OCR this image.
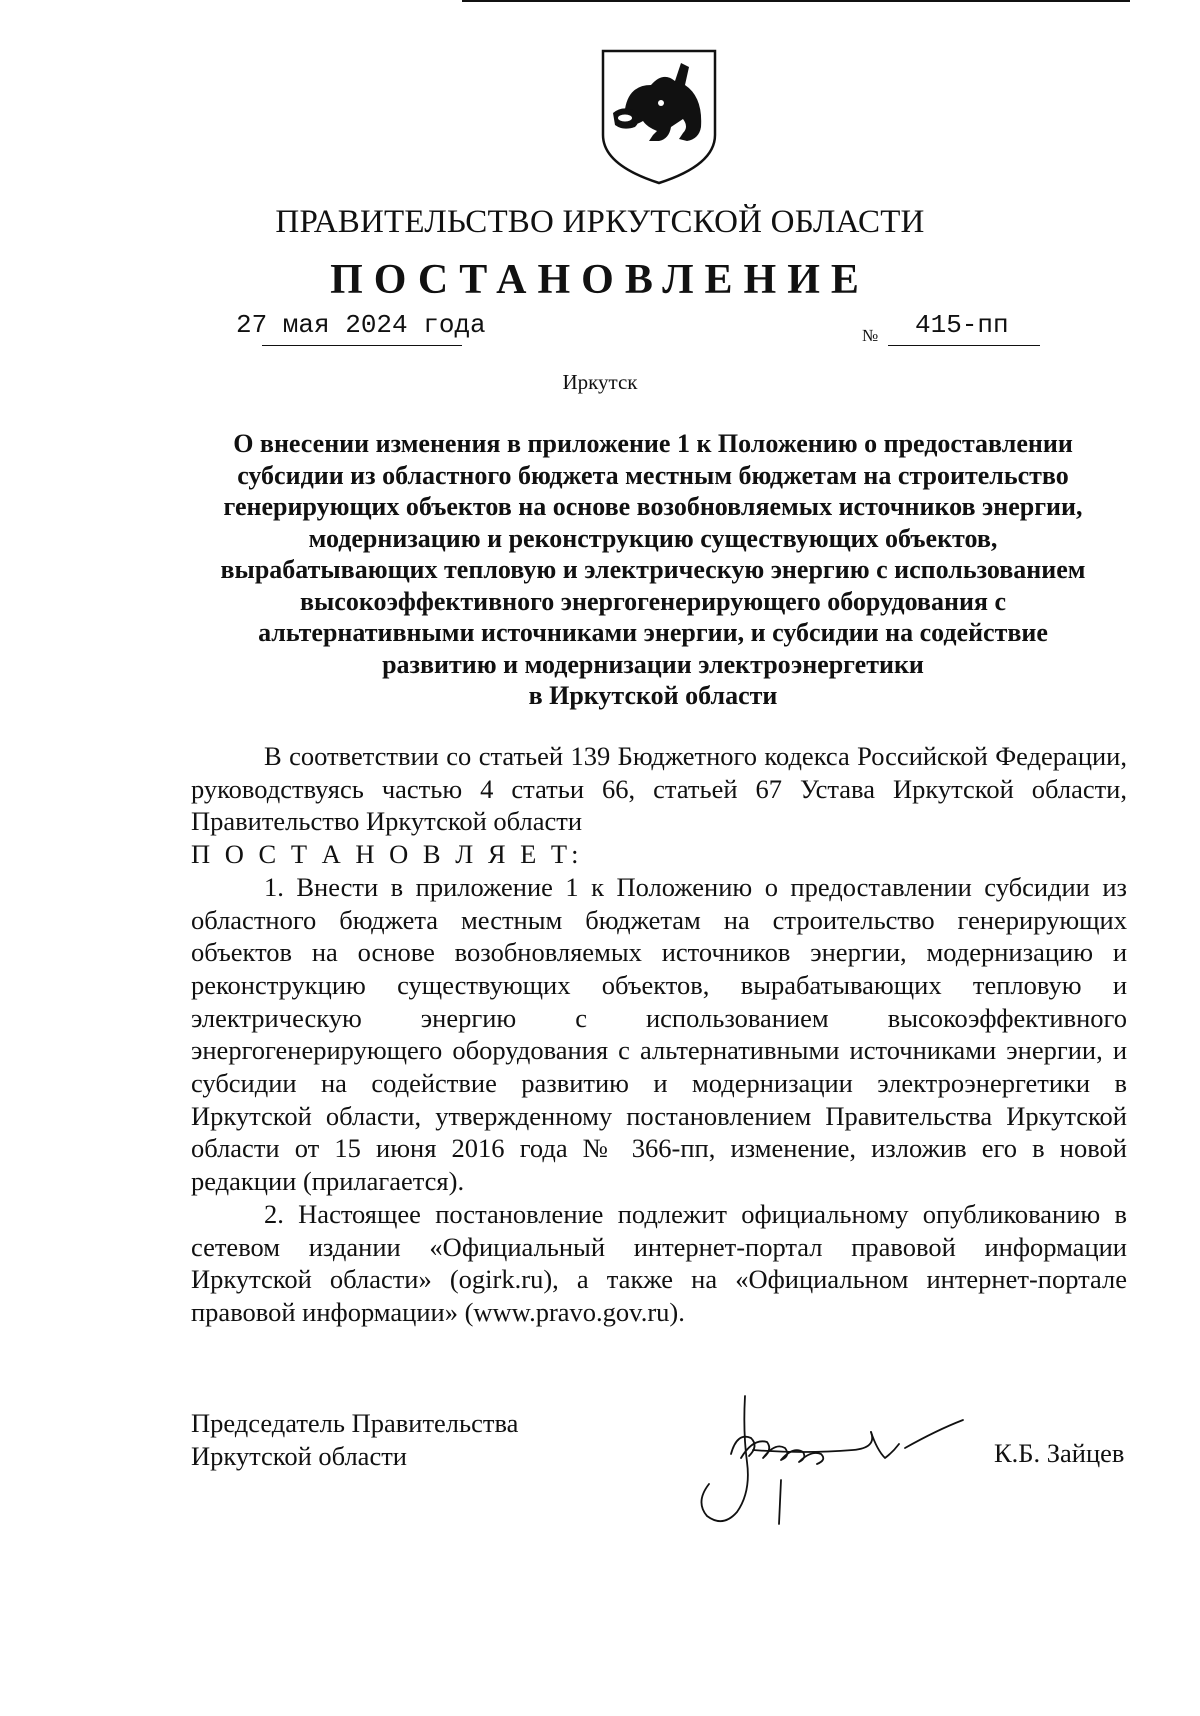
ПРАВИТЕЛЬСТВО ИРКУТСКОЙ ОБЛАСТИ
ПОСТАНОВЛЕНИЕ
27 мая 2024 года	№ 415-пп
Иркутск
О внесении изменения в приложение 1 к Положению о предоставлении
субсидии из областного бюджета местным бюджетам на строительство
генерирующих объектов на основе возобновляемых источников энергии,
модернизацию и реконструкцию существующих объектов,
вырабатывающих тепловую и электрическую энергию с использованием
высокоэффективного энергогенерирующего оборудования с
альтернативными источниками энергии, и субсидии на содействие
развитию и модернизации электроэнергетики
в Иркутской области

В соответствии со статьей 139 Бюджетного кодекса Российской Федерации, руководствуясь частью 4 статьи 66, статьей 67 Устава Иркутской области, Правительство Иркутской области

П О С Т А Н О В Л Я Е Т:

1. Внести в приложение 1 к Положению о предоставлении субсидии из областного бюджета местным бюджетам на строительство генерирующих объектов на основе возобновляемых источников энергии, модернизацию и реконструкцию существующих объектов, вырабатывающих тепловую и электрическую энергию с использованием высокоэффективного энергогенерирующего оборудования с альтернативными источниками энергии, и субсидии на содействие развитию и модернизации электроэнергетики в Иркутской области, утвержденному постановлением Правительства Иркутской области от 15 июня 2016 года № 366-пп, изменение, изложив его в новой редакции (прилагается).

2. Настоящее постановление подлежит официальному опубликованию в сетевом издании «Официальный интернет-портал правовой информации Иркутской области» (ogirk.ru), а также на «Официальном интернет-портале правовой информации» (www.pravo.gov.ru).

Председатель Правительства
Иркутской области	К.Б. Зайцев
